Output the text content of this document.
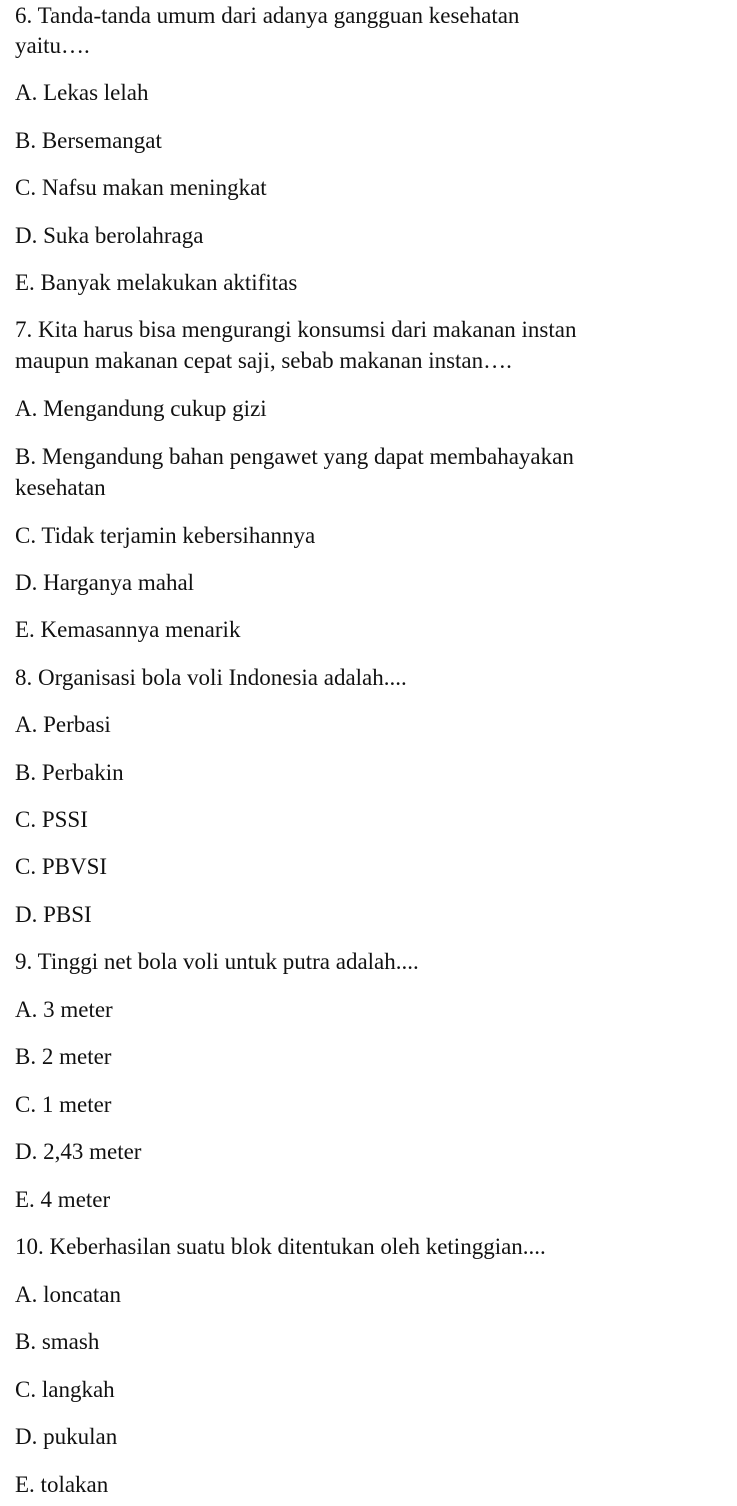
6. Tanda-tanda umum dari adanya gangguan kesehatan
yaitu….
A. Lekas lelah
B. Bersemangat
C. Nafsu makan meningkat
D. Suka berolahraga
E. Banyak melakukan aktifitas
7. Kita harus bisa mengurangi konsumsi dari makanan instan
maupun makanan cepat saji, sebab makanan instan….
A. Mengandung cukup gizi
B. Mengandung bahan pengawet yang dapat membahayakan
kesehatan
C. Tidak terjamin kebersihannya
D. Harganya mahal
E. Kemasannya menarik
8. Organisasi bola voli Indonesia adalah....
A. Perbasi
B. Perbakin
C. PSSI
C. PBVSI
D. PBSI
9. Tinggi net bola voli untuk putra adalah....
A. 3 meter
B. 2 meter
C. 1 meter
D. 2,43 meter
E. 4 meter
10. Keberhasilan suatu blok ditentukan oleh ketinggian....
A. loncatan
B. smash
C. langkah
D. pukulan
E. tolakan
